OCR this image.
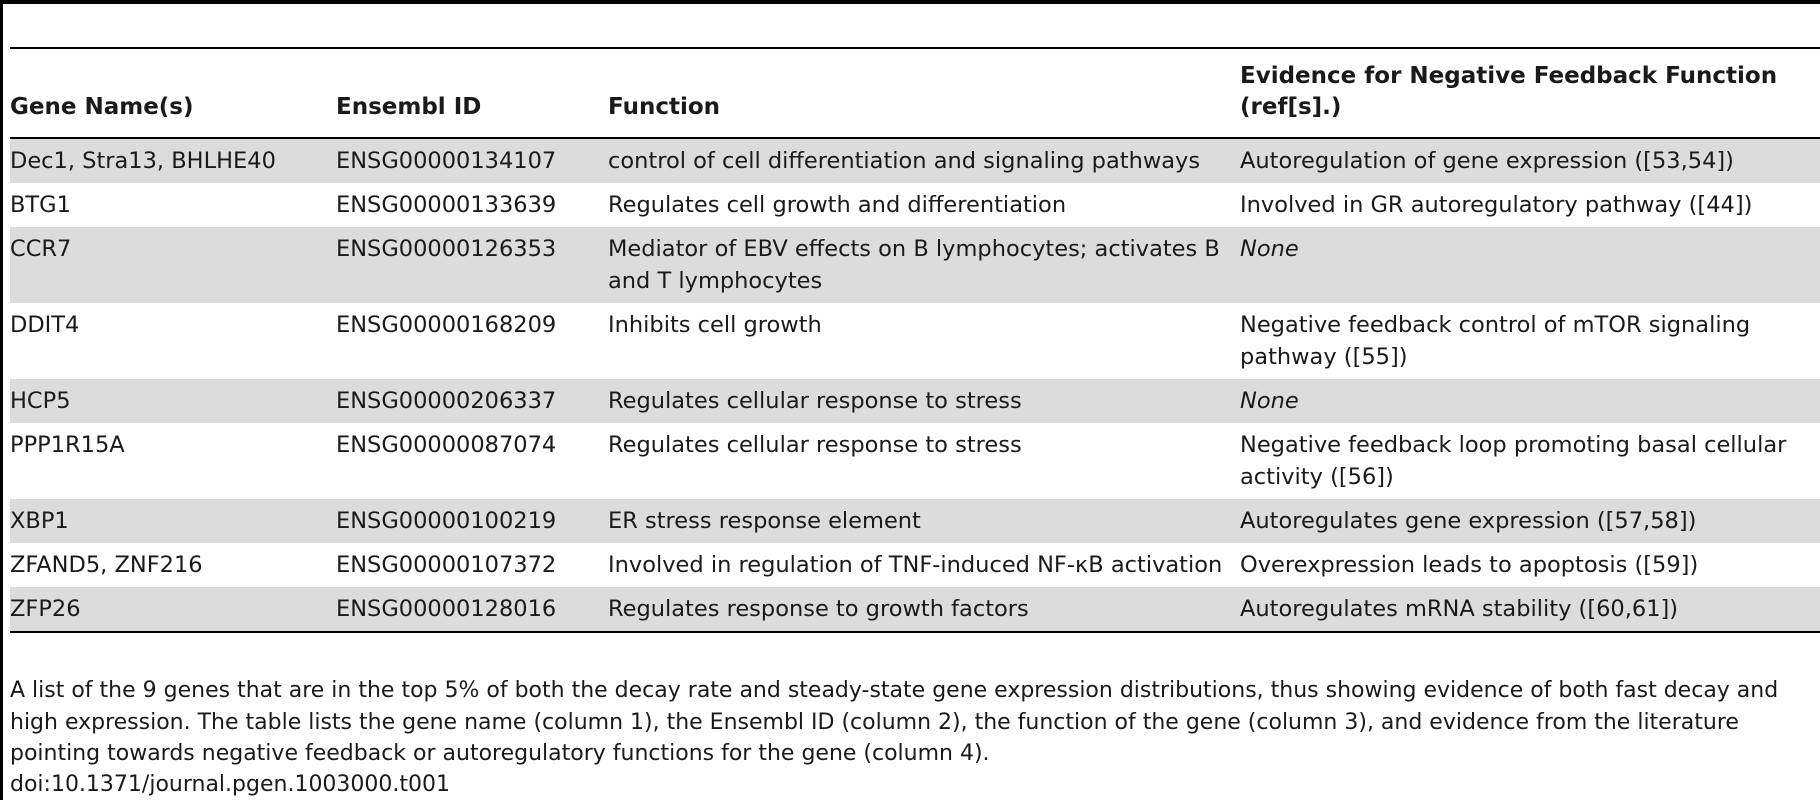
Gene Name(s)	Ensembl ID	Function	Evidence for Negative Feedback Function (ref[s].)
Dec1, Stra13, BHLHE40	ENSG00000134107	control of cell differentiation and signaling pathways	Autoregulation of gene expression ([53,54])
BTG1	ENSG00000133639	Regulates cell growth and differentiation	Involved in GR autoregulatory pathway ([44])
CCR7	ENSG00000126353	Mediator of EBV effects on B lymphocytes; activates B and T lymphocytes	None
DDIT4	ENSG00000168209	Inhibits cell growth	Negative feedback control of mTOR signaling pathway ([55])
HCP5	ENSG00000206337	Regulates cellular response to stress	None
PPP1R15A	ENSG00000087074	Regulates cellular response to stress	Negative feedback loop promoting basal cellular activity ([56])
XBP1	ENSG00000100219	ER stress response element	Autoregulates gene expression ([57,58])
ZFAND5, ZNF216	ENSG00000107372	Involved in regulation of TNF-induced NF-κB activation	Overexpression leads to apoptosis ([59])
ZFP26	ENSG00000128016	Regulates response to growth factors	Autoregulates mRNA stability ([60,61])
A list of the 9 genes that are in the top 5% of both the decay rate and steady-state gene expression distributions, thus showing evidence of both fast decay and high expression. The table lists the gene name (column 1), the Ensembl ID (column 2), the function of the gene (column 3), and evidence from the literature pointing towards negative feedback or autoregulatory functions for the gene (column 4).
doi:10.1371/journal.pgen.1003000.t001
